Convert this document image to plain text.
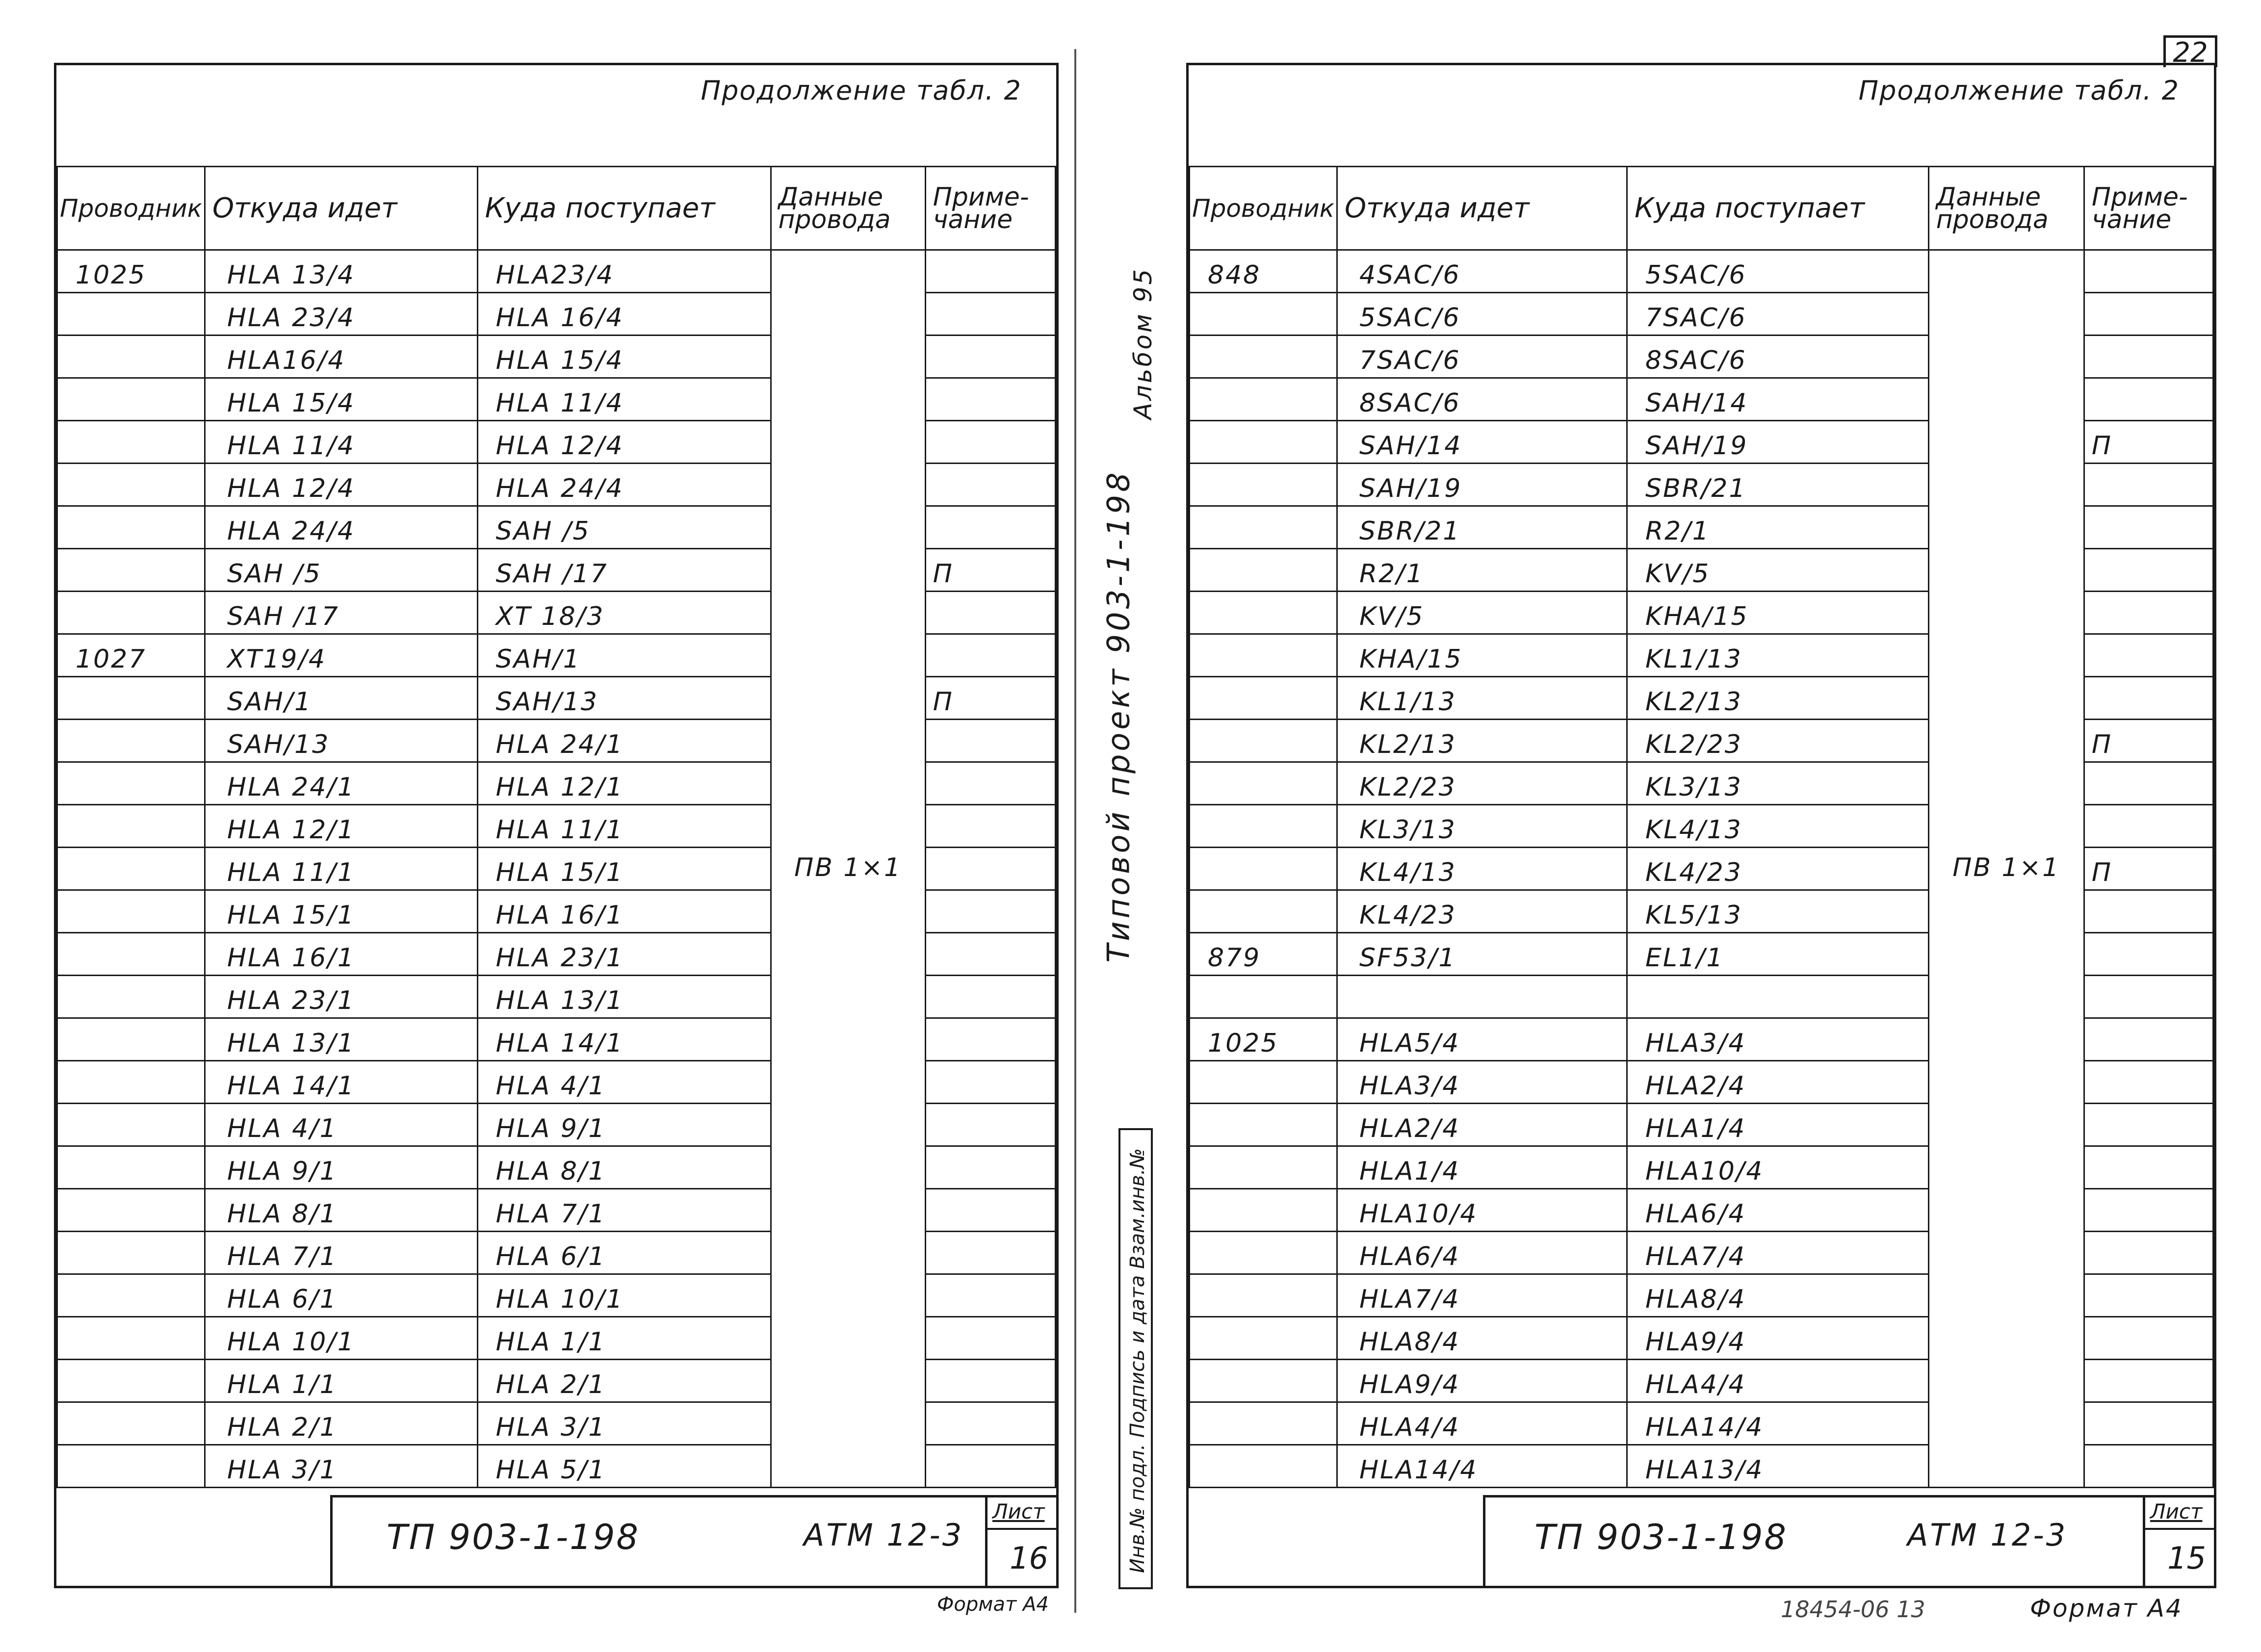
Продолжение табл. 2
Проводник	Откуда идет	Куда поступает	Данные провода	Приме- чание
1025	HLA 13/4	HLA23/4	ПВ 1×1	
	HLA 23/4	HLA 16/4		
	HLA16/4	HLA 15/4		
	HLA 15/4	HLA 11/4		
	HLA 11/4	HLA 12/4		
	HLA 12/4	HLA 24/4		
	HLA 24/4	SAH /5		
	SAH /5	SAH /17		П
	SAH /17	XT 18/3		
1027	XT19/4	SAH/1		
	SAH/1	SAH/13		П
	SAH/13	HLA 24/1		
	HLA 24/1	HLA 12/1		
	HLA 12/1	HLA 11/1		
	HLA 11/1	HLA 15/1		
	HLA 15/1	HLA 16/1		
	HLA 16/1	HLA 23/1		
	HLA 23/1	HLA 13/1		
	HLA 13/1	HLA 14/1		
	HLA 14/1	HLA 4/1		
	HLA 4/1	HLA 9/1		
	HLA 9/1	HLA 8/1		
	HLA 8/1	HLA 7/1		
	HLA 7/1	HLA 6/1		
	HLA 6/1	HLA 10/1		
	HLA 10/1	HLA 1/1		
	HLA 1/1	HLA 2/1		
	HLA 2/1	HLA 3/1		
	HLA 3/1	HLA 5/1		
ТП 903-1-198	АТМ 12-3
Лист
16
Формат А4
Альбом 95
Типовой проект 903-1-198
Инв.№ подл. Подпись и дата Взам.инв.№
22
Продолжение табл. 2
Проводник	Откуда идет	Куда поступает	Данные провода	Приме- чание
848	4SAC/6	5SAC/6	ПВ 1×1	
	5SAC/6	7SAC/6		
	7SAC/6	8SAC/6		
	8SAC/6	SAH/14		
	SAH/14	SAH/19		П
	SAH/19	SBR/21		
	SBR/21	R2/1		
	R2/1	KV/5		
	KV/5	KHA/15		
	KHA/15	KL1/13		
	KL1/13	KL2/13		
	KL2/13	KL2/23		П
	KL2/23	KL3/13		
	KL3/13	KL4/13		
	KL4/13	KL4/23		П
	KL4/23	KL5/13		
879	SF53/1	EL1/1		

1025	HLA5/4	HLA3/4		
	HLA3/4	HLA2/4		
	HLA2/4	HLA1/4		
	HLA1/4	HLA10/4		
	HLA10/4	HLA6/4		
	HLA6/4	HLA7/4		
	HLA7/4	HLA8/4		
	HLA8/4	HLA9/4		
	HLA9/4	HLA4/4		
	HLA4/4	HLA14/4		
	HLA14/4	HLA13/4		
ТП 903-1-198	АТМ 12-3
Лист
15
18454-06 13	Формат А4
